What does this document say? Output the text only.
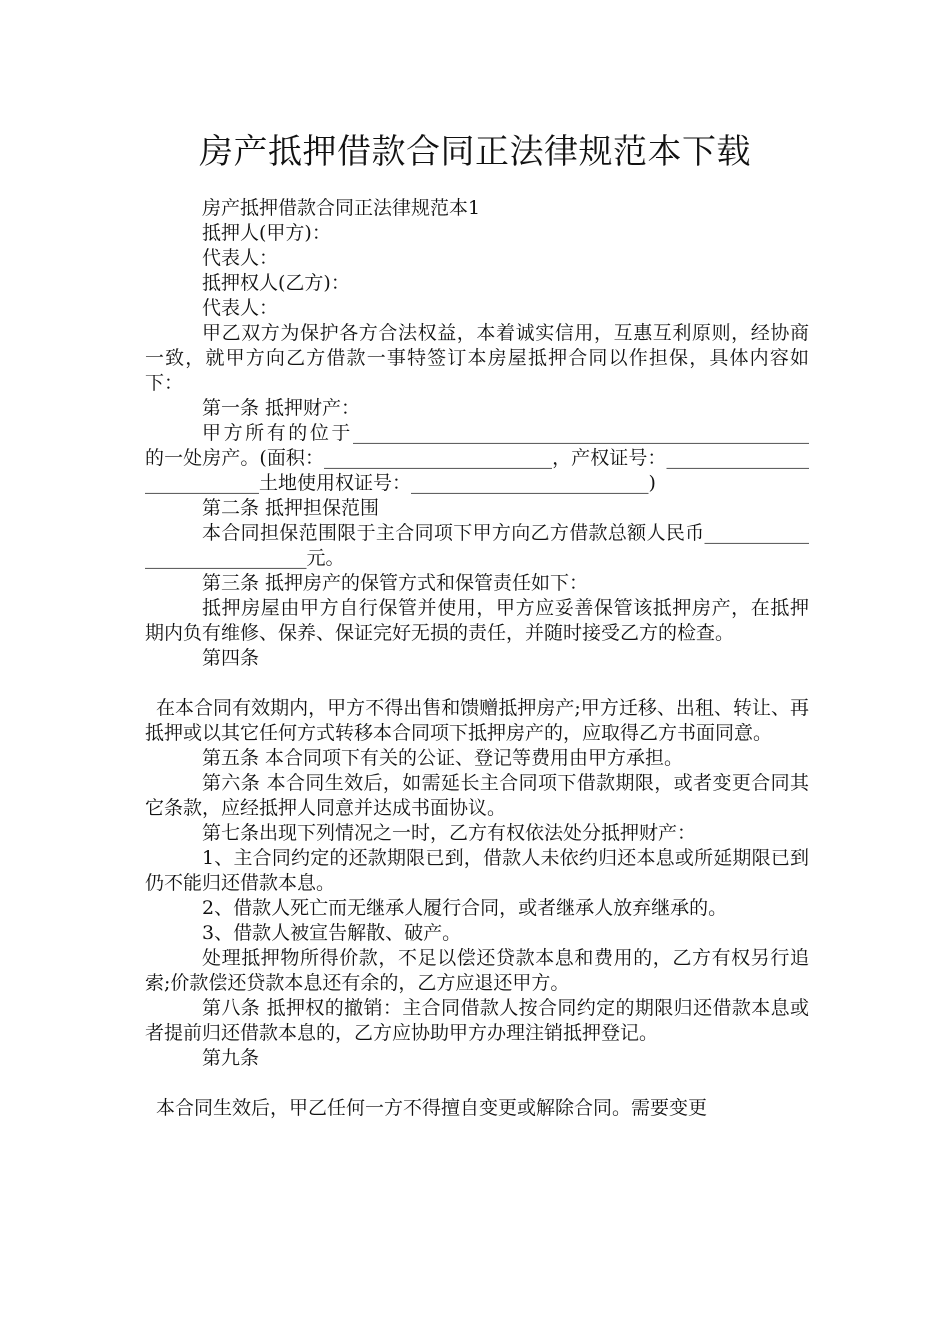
房产抵押借款合同正法律规范本下载

房产抵押借款合同正法律规范本1

抵押人(甲方)：

代表人：

抵押权人(乙方)：

代表人：

甲乙双方为保护各方合法权益，本着诚实信用，互惠互利原则，经协商一致，就甲方向乙方借款一事特签订本房屋抵押合同以作担保，具体内容如下：

第一条 抵押财产：

甲方所有的位于________________________________________________的一处房产。(面积：________________________，产权证号：___________________________土地使用权证号：_________________________)

第二条 抵押担保范围

本合同担保范围限于主合同项下甲方向乙方借款总额人民币____________________________元。

第三条 抵押房产的保管方式和保管责任如下：

抵押房屋由甲方自行保管并使用，甲方应妥善保管该抵押房产，在抵押期内负有维修、保养、保证完好无损的责任，并随时接受乙方的检查。

第四条

在本合同有效期内，甲方不得出售和馈赠抵押房产;甲方迁移、出租、转让、再抵押或以其它任何方式转移本合同项下抵押房产的，应取得乙方书面同意。

第五条 本合同项下有关的公证、登记等费用由甲方承担。

第六条 本合同生效后，如需延长主合同项下借款期限，或者变更合同其它条款，应经抵押人同意并达成书面协议。

第七条出现下列情况之一时，乙方有权依法处分抵押财产：

1、主合同约定的还款期限已到，借款人未依约归还本息或所延期限已到仍不能归还借款本息。

2、借款人死亡而无继承人履行合同，或者继承人放弃继承的。

3、借款人被宣告解散、破产。

处理抵押物所得价款，不足以偿还贷款本息和费用的，乙方有权另行追索;价款偿还贷款本息还有余的，乙方应退还甲方。

第八条 抵押权的撤销：主合同借款人按合同约定的期限归还借款本息或者提前归还借款本息的，乙方应协助甲方办理注销抵押登记。

第九条

本合同生效后，甲乙任何一方不得擅自变更或解除合同。需要变更
